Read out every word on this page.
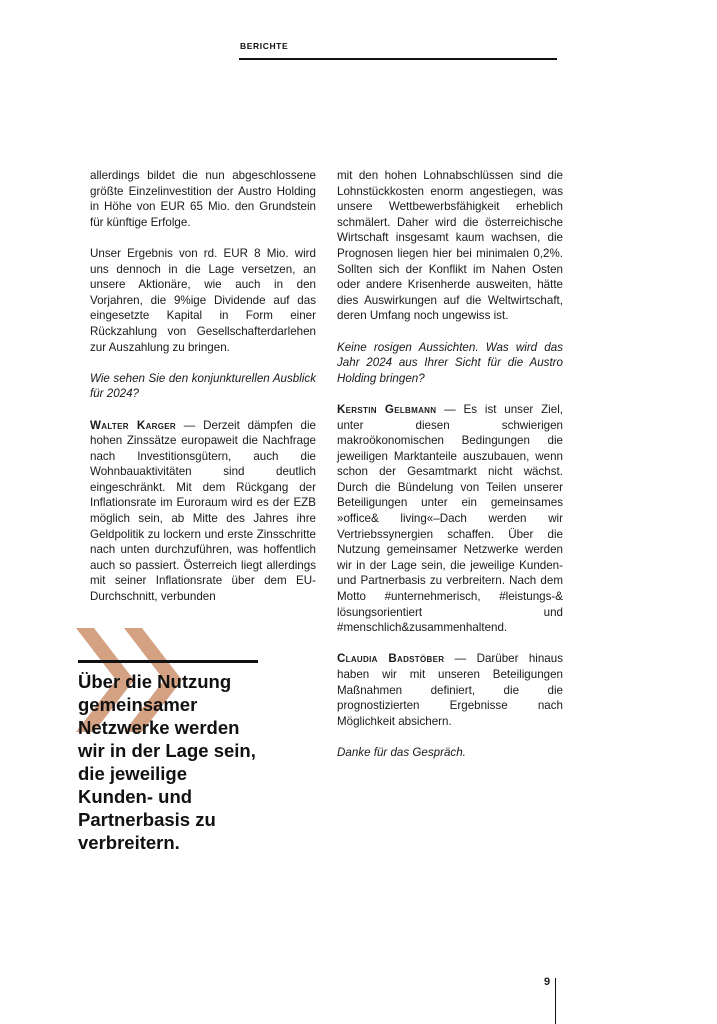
BERICHTE

allerdings bildet die nun abgeschlossene größte Einzelinvestition der Austro Holding in Höhe von EUR 65 Mio. den Grundstein für künftige Erfolge.

Unser Ergebnis von rd. EUR 8 Mio. wird uns dennoch in die Lage versetzen, an unsere Aktionäre, wie auch in den Vorjahren, die 9%ige Dividende auf das eingesetzte Kapital in Form einer Rückzahlung von Gesellschafterdarlehen zur Auszahlung zu bringen.

Wie sehen Sie den konjunkturellen Ausblick für 2024?

Walter Karger — Derzeit dämpfen die hohen Zinssätze europaweit die Nachfrage nach Investitionsgütern, auch die Wohnbauaktivitäten sind deutlich eingeschränkt. Mit dem Rückgang der Inflationsrate im Euroraum wird es der EZB möglich sein, ab Mitte des Jahres ihre Geldpolitik zu lockern und erste Zinsschritte nach unten durchzuführen, was hoffentlich auch so passiert. Österreich liegt allerdings mit seiner Inflationsrate über dem EU-Durchschnitt, verbunden

mit den hohen Lohnabschlüssen sind die Lohnstückkosten enorm angestiegen, was unsere Wettbewerbsfähigkeit erheblich schmälert. Daher wird die österreichische Wirtschaft insgesamt kaum wachsen, die Prognosen liegen hier bei minimalen 0,2%. Sollten sich der Konflikt im Nahen Osten oder andere Krisenherde ausweiten, hätte dies Auswirkungen auf die Weltwirtschaft, deren Umfang noch ungewiss ist.

Keine rosigen Aussichten. Was wird das Jahr 2024 aus Ihrer Sicht für die Austro Holding bringen?

Kerstin Gelbmann — Es ist unser Ziel, unter diesen schwierigen makroökonomischen Bedingungen die jeweiligen Marktanteile auszubauen, wenn schon der Gesamtmarkt nicht wächst. Durch die Bündelung von Teilen unserer Beteiligungen unter ein gemeinsames »office& living«–Dach werden wir Vertriebssynergien schaffen. Über die Nutzung gemeinsamer Netzwerke werden wir in der Lage sein, die jeweilige Kunden- und Partnerbasis zu verbreitern. Nach dem Motto #unternehmerisch, #leistungs-& lösungsorientiert und #menschlich&zusammenhaltend.

Claudia Badstöber — Darüber hinaus haben wir mit unseren Beteiligungen Maßnahmen definiert, die die prognostizierten Ergebnisse nach Möglichkeit absichern.

Danke für das Gespräch.

Über die Nutzung gemeinsamer Netzwerke werden wir in der Lage sein, die jeweilige Kunden- und Partnerbasis zu verbreitern.
9
